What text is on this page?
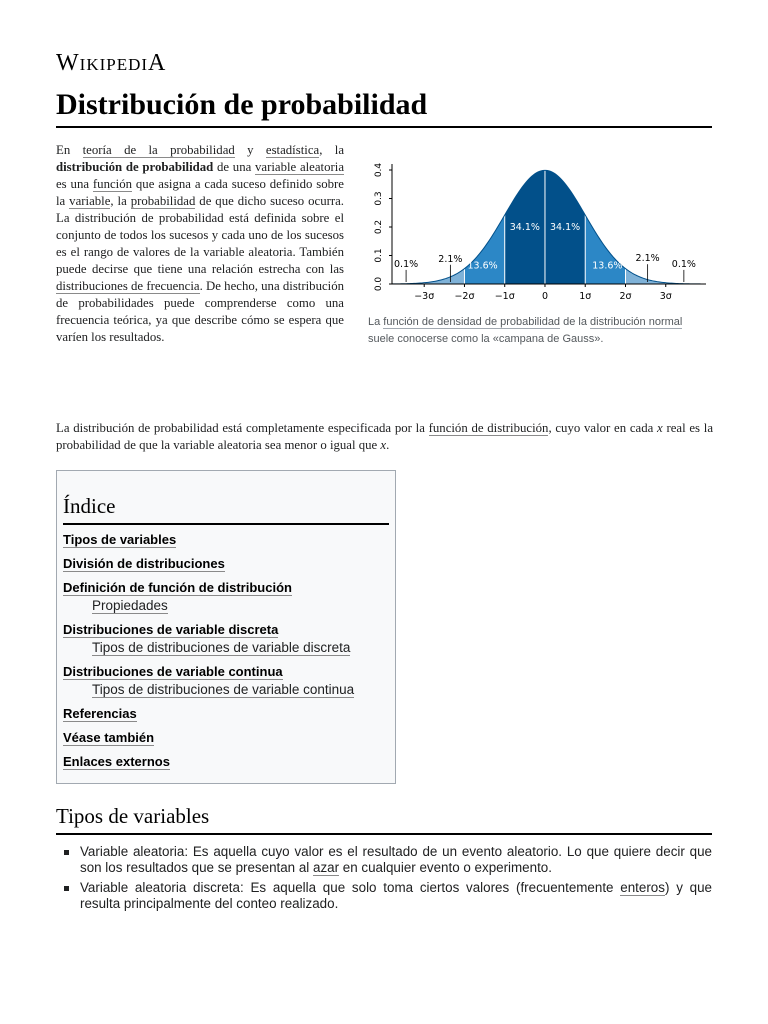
WIKIPEDIA
Distribución de probabilidad

En teoría de la probabilidad y estadística, la distribución de probabilidad de una variable aleatoria es una función que asigna a cada suceso definido sobre la variable, la probabilidad de que dicho suceso ocurra. La distribución de probabilidad está definida sobre el conjunto de todos los sucesos y cada uno de los sucesos es el rango de valores de la variable aleatoria. También puede decirse que tiene una relación estrecha con las distribuciones de frecuencia. De hecho, una distribución de probabilidades puede comprenderse como una frecuencia teórica, ya que describe cómo se espera que varíen los resultados.

0.0
0.1
0.2
0.3
0.4
−3σ −2σ −1σ	0	1σ	2σ	3σ
34.1% 34.1%
13.6%	13.6%
2.1%	2.1%
0.1%	0.1%
La función de densidad de probabilidad de la distribución normal suele conocerse como la «campana de Gauss».

La distribución de probabilidad está completamente especificada por la función de distribución, cuyo valor en cada x real es la probabilidad de que la variable aleatoria sea menor o igual que x.

Índice
Tipos de variables
División de distribuciones
Definición de función de distribución
Propiedades
Distribuciones de variable discreta
Tipos de distribuciones de variable discreta
Distribuciones de variable continua
Tipos de distribuciones de variable continua
Referencias
Véase también
Enlaces externos
Tipos de variables
Variable aleatoria: Es aquella cuyo valor es el resultado de un evento aleatorio. Lo que quiere decir que son los resultados que se presentan al azar en cualquier evento o experimento.
Variable aleatoria discreta: Es aquella que solo toma ciertos valores (frecuentemente enteros) y que resulta principalmente del conteo realizado.
